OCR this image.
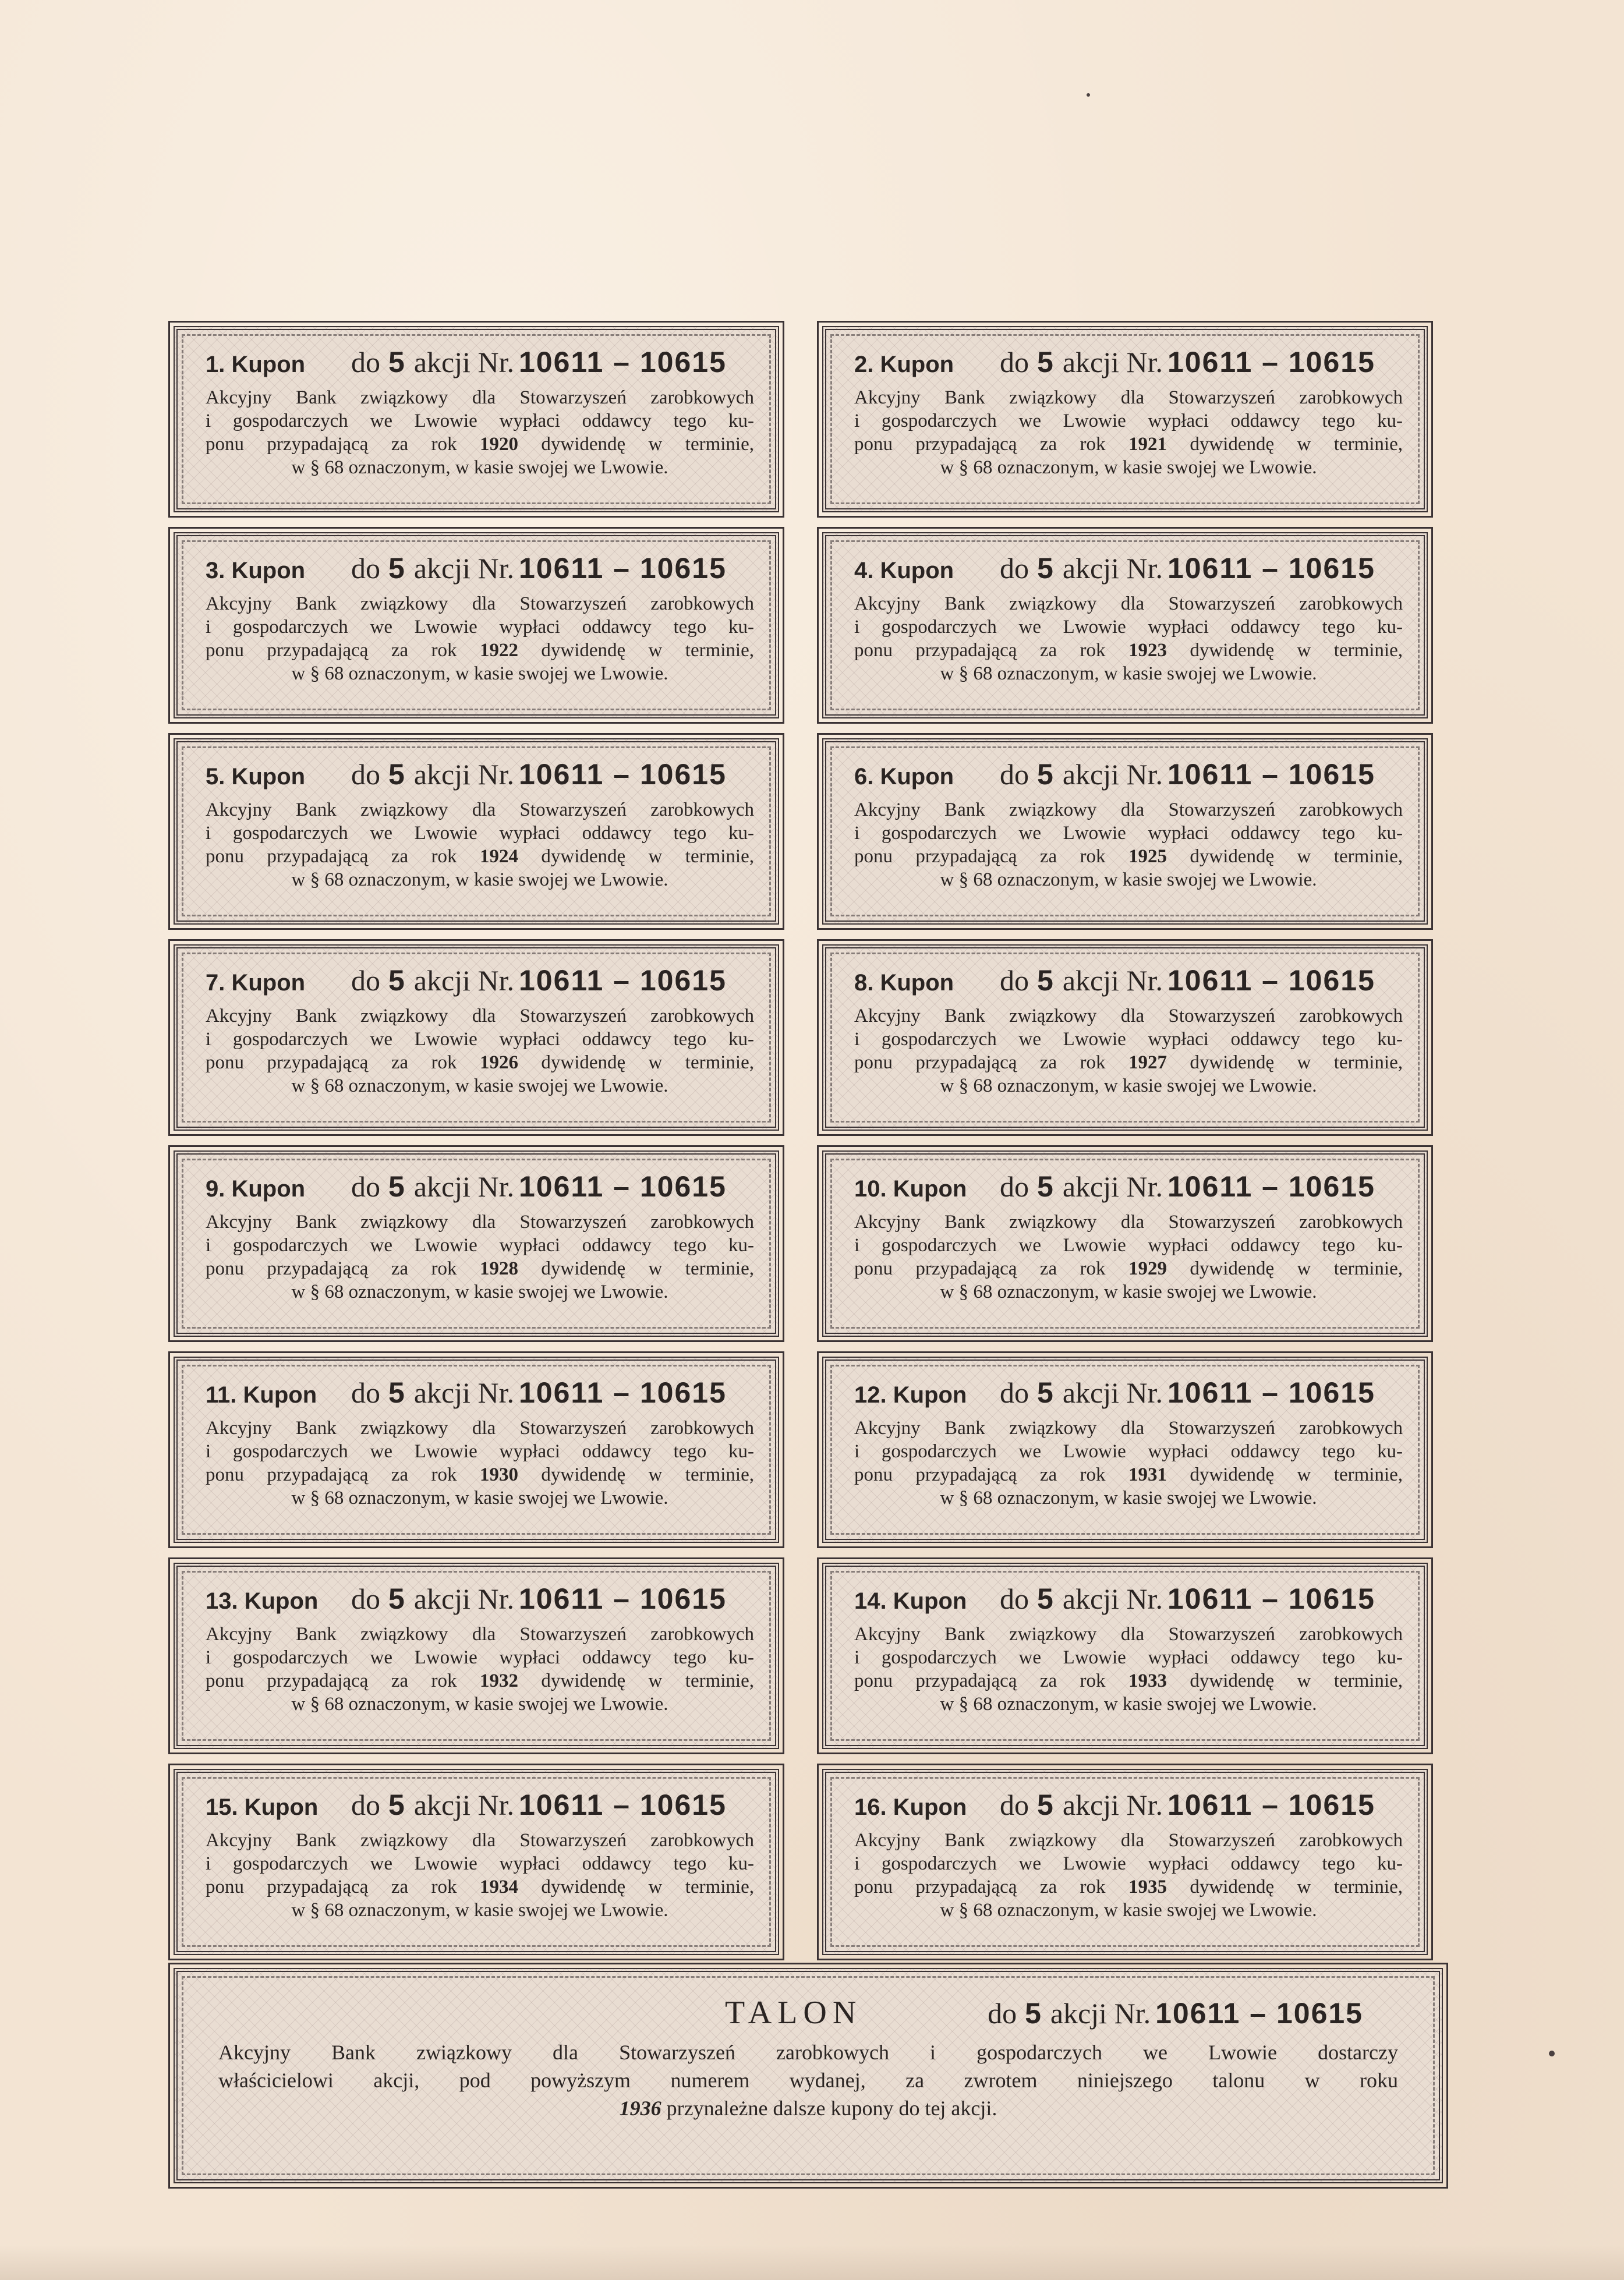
1. Kupon	do 5 akcji Nr. 10611 – 10615
Akcyjny Bank związkowy dla Stowarzyszeń zarobkowych
i gospodarczych we Lwowie wypłaci oddawcy tego ku-
ponu przypadającą za rok 1920 dywidendę w terminie,
w § 68 oznaczonym, w kasie swojej we Lwowie.
2. Kupon	do 5 akcji Nr. 10611 – 10615
Akcyjny Bank związkowy dla Stowarzyszeń zarobkowych
i gospodarczych we Lwowie wypłaci oddawcy tego ku-
ponu przypadającą za rok 1921 dywidendę w terminie,
w § 68 oznaczonym, w kasie swojej we Lwowie.
3. Kupon	do 5 akcji Nr. 10611 – 10615
Akcyjny Bank związkowy dla Stowarzyszeń zarobkowych
i gospodarczych we Lwowie wypłaci oddawcy tego ku-
ponu przypadającą za rok 1922 dywidendę w terminie,
w § 68 oznaczonym, w kasie swojej we Lwowie.
4. Kupon	do 5 akcji Nr. 10611 – 10615
Akcyjny Bank związkowy dla Stowarzyszeń zarobkowych
i gospodarczych we Lwowie wypłaci oddawcy tego ku-
ponu przypadającą za rok 1923 dywidendę w terminie,
w § 68 oznaczonym, w kasie swojej we Lwowie.
5. Kupon	do 5 akcji Nr. 10611 – 10615
Akcyjny Bank związkowy dla Stowarzyszeń zarobkowych
i gospodarczych we Lwowie wypłaci oddawcy tego ku-
ponu przypadającą za rok 1924 dywidendę w terminie,
w § 68 oznaczonym, w kasie swojej we Lwowie.
6. Kupon	do 5 akcji Nr. 10611 – 10615
Akcyjny Bank związkowy dla Stowarzyszeń zarobkowych
i gospodarczych we Lwowie wypłaci oddawcy tego ku-
ponu przypadającą za rok 1925 dywidendę w terminie,
w § 68 oznaczonym, w kasie swojej we Lwowie.
7. Kupon	do 5 akcji Nr. 10611 – 10615
Akcyjny Bank związkowy dla Stowarzyszeń zarobkowych
i gospodarczych we Lwowie wypłaci oddawcy tego ku-
ponu przypadającą za rok 1926 dywidendę w terminie,
w § 68 oznaczonym, w kasie swojej we Lwowie.
8. Kupon	do 5 akcji Nr. 10611 – 10615
Akcyjny Bank związkowy dla Stowarzyszeń zarobkowych
i gospodarczych we Lwowie wypłaci oddawcy tego ku-
ponu przypadającą za rok 1927 dywidendę w terminie,
w § 68 oznaczonym, w kasie swojej we Lwowie.
9. Kupon	do 5 akcji Nr. 10611 – 10615
Akcyjny Bank związkowy dla Stowarzyszeń zarobkowych
i gospodarczych we Lwowie wypłaci oddawcy tego ku-
ponu przypadającą za rok 1928 dywidendę w terminie,
w § 68 oznaczonym, w kasie swojej we Lwowie.
10. Kupon	do 5 akcji Nr. 10611 – 10615
Akcyjny Bank związkowy dla Stowarzyszeń zarobkowych
i gospodarczych we Lwowie wypłaci oddawcy tego ku-
ponu przypadającą za rok 1929 dywidendę w terminie,
w § 68 oznaczonym, w kasie swojej we Lwowie.
11. Kupon	do 5 akcji Nr. 10611 – 10615
Akcyjny Bank związkowy dla Stowarzyszeń zarobkowych
i gospodarczych we Lwowie wypłaci oddawcy tego ku-
ponu przypadającą za rok 1930 dywidendę w terminie,
w § 68 oznaczonym, w kasie swojej we Lwowie.
12. Kupon	do 5 akcji Nr. 10611 – 10615
Akcyjny Bank związkowy dla Stowarzyszeń zarobkowych
i gospodarczych we Lwowie wypłaci oddawcy tego ku-
ponu przypadającą za rok 1931 dywidendę w terminie,
w § 68 oznaczonym, w kasie swojej we Lwowie.
13. Kupon	do 5 akcji Nr. 10611 – 10615
Akcyjny Bank związkowy dla Stowarzyszeń zarobkowych
i gospodarczych we Lwowie wypłaci oddawcy tego ku-
ponu przypadającą za rok 1932 dywidendę w terminie,
w § 68 oznaczonym, w kasie swojej we Lwowie.
14. Kupon	do 5 akcji Nr. 10611 – 10615
Akcyjny Bank związkowy dla Stowarzyszeń zarobkowych
i gospodarczych we Lwowie wypłaci oddawcy tego ku-
ponu przypadającą za rok 1933 dywidendę w terminie,
w § 68 oznaczonym, w kasie swojej we Lwowie.
15. Kupon	do 5 akcji Nr. 10611 – 10615
Akcyjny Bank związkowy dla Stowarzyszeń zarobkowych
i gospodarczych we Lwowie wypłaci oddawcy tego ku-
ponu przypadającą za rok 1934 dywidendę w terminie,
w § 68 oznaczonym, w kasie swojej we Lwowie.
16. Kupon	do 5 akcji Nr. 10611 – 10615
Akcyjny Bank związkowy dla Stowarzyszeń zarobkowych
i gospodarczych we Lwowie wypłaci oddawcy tego ku-
ponu przypadającą za rok 1935 dywidendę w terminie,
w § 68 oznaczonym, w kasie swojej we Lwowie.
TALON	do 5 akcji Nr. 10611 – 10615
Akcyjny Bank związkowy dla Stowarzyszeń zarobkowych i gospodarczych we Lwowie dostarczy
właścicielowi akcji, pod powyższym numerem wydanej, za zwrotem niniejszego talonu w roku
1936 przynależne dalsze kupony do tej akcji.
